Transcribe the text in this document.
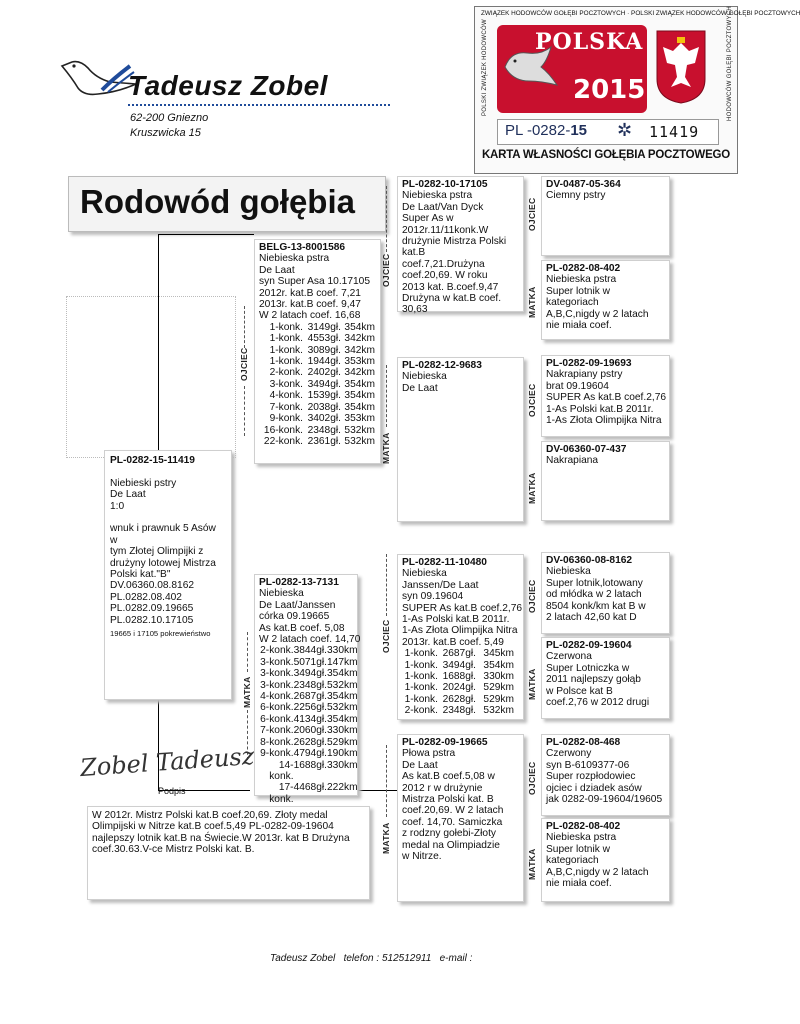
Tadeusz Zobel
62-200 Gniezno
Kruszwicka 15
ZWIĄZEK HODOWCÓW GOŁĘBI POCZTOWYCH · POLSKI ZWIĄZEK HODOWCÓW GOŁĘBI POCZTOWYCH
POLSKI ZWIĄZEK HODOWCÓW	HODOWCÓW GOŁĘBI POCZTOWYCH
POLSKA
2015
PL -0282-15 ✲ 11419
KARTA WŁASNOŚCI GOŁĘBIA POCZTOWEGO
Rodowód gołębia
PL-0282-15-11419

Niebieski pstry
De Laat
1:0

wnuk i prawnuk 5 Asów w
tym Złotej Olimpijki z
drużyny lotowej Mistrza
Polski kat."B"
DV.06360.08.8162
PL.0282.08.402
PL.0282.09.19665
PL.0282.10.17105
19665 i 17105 pokrewieństwo
BELG-13-8001586
Niebieska pstra
De Laat
syn Super Asa 10.17105
2012r. kat.B coef. 7,21
2013r. kat.B coef. 9,47
W 2 latach coef. 16,68
1-konk. 3149gł. 354km
1-konk. 4553gł. 342km
1-konk. 3089gł. 342km
1-konk. 1944gł. 353km
2-konk. 2402gł. 342km
3-konk. 3494gł. 354km
4-konk. 1539gł. 354km
7-konk. 2038gł. 354km
9-konk. 3402gł. 353km
16-konk. 2348gł. 532km
22-konk. 2361gł. 532km
OJCIEC
PL-0282-13-7131
Niebieska
De Laat/Janssen
córka 09.19665
As kat.B coef. 5,08
W 2 latach coef. 14,70
2-konk. 3844gł. 330km
3-konk. 5071gł. 147km
3-konk. 3494gł. 354km
3-konk. 2348gł. 532km
4-konk. 2687gł. 354km
6-konk. 2256gł. 532km
6-konk. 4134gł. 354km
7-konk. 2060gł. 330km
8-konk. 2628gł. 529km
9-konk. 4794gł. 190km
14-konk.
1688gł. 330km
17-konk.
4468gł. 222km
MATKA
PL-0282-10-17105
Niebieska pstra
De Laat/Van Dyck
Super As w
2012r.11/11konk.W
drużynie Mistrza Polski
kat.B
coef.7,21.Drużyna
coef.20,69. W roku
2013 kat. B.coef.9,47
Drużyna w kat.B coef.
30,63
OJCIEC
PL-0282-12-9683
Niebieska
De Laat
MATKA
PL-0282-11-10480
Niebieska
Janssen/De Laat
syn 09.19604
SUPER As kat.B coef.2,76
1-As Polski kat.B 2011r.
1-As Złota Olimpijka Nitra
2013r. kat.B coef. 5,49
1-konk. 2687gł. 345km
1-konk. 3494gł. 354km
1-konk. 1688gł. 330km
1-konk. 2024gł. 529km
1-konk. 2628gł. 529km
2-konk. 2348gł. 532km
OJCIEC
PL-0282-09-19665
Płowa pstra
De Laat
As kat.B coef.5,08 w
2012 r w drużynie
Mistrza Polski kat. B
coef.20,69. W 2 latach
coef. 14,70. Samiczka
z rodzny gołebi-Złoty
medal na Olimpiadzie
w Nitrze.
MATKA
DV-0487-05-364
Ciemny pstry
OJCIEC
PL-0282-08-402
Niebieska pstra
Super lotnik w
kategoriach
A,B,C,nigdy w 2 latach
nie miała coef.
MATKA
PL-0282-09-19693
Nakrapiany pstry
brat 09.19604
SUPER As kat.B coef.2,76
1-As Polski kat.B 2011r.
1-As Złota Olimpijka Nitra
OJCIEC
DV-06360-07-437
Nakrapiana
MATKA
DV-06360-08-8162
Niebieska
Super lotnik,lotowany
od młódka w 2 latach
8504 konk/km kat B w
2 latach 42,60 kat D
OJCIEC
PL-0282-09-19604
Czerwona
Super Lotniczka w
2011 najlepszy gołąb
w Polsce kat B
coef.2,76 w 2012 drugi
MATKA
PL-0282-08-468
Czerwony
syn B-6109377-06
Super rozpłodowiec
ojciec i dziadek asów
jak 0282-09-19604/19605
OJCIEC
PL-0282-08-402
Niebieska pstra
Super lotnik w
kategoriach
A,B,C,nigdy w 2 latach
nie miała coef.
MATKA
Zobel Tadeusz
Podpis
W 2012r. Mistrz Polski kat.B coef.20,69. Złoty medal
Olimpijski w Nitrze kat.B coef.5,49 PL-0282-09-19604
najlepszy lotnik kat.B na Świecie.W 2013r. kat B Drużyna
coef.30.63.V-ce Mistrz Polski kat. B.
Tadeusz Zobel telefon : 512512911 e-mail :
